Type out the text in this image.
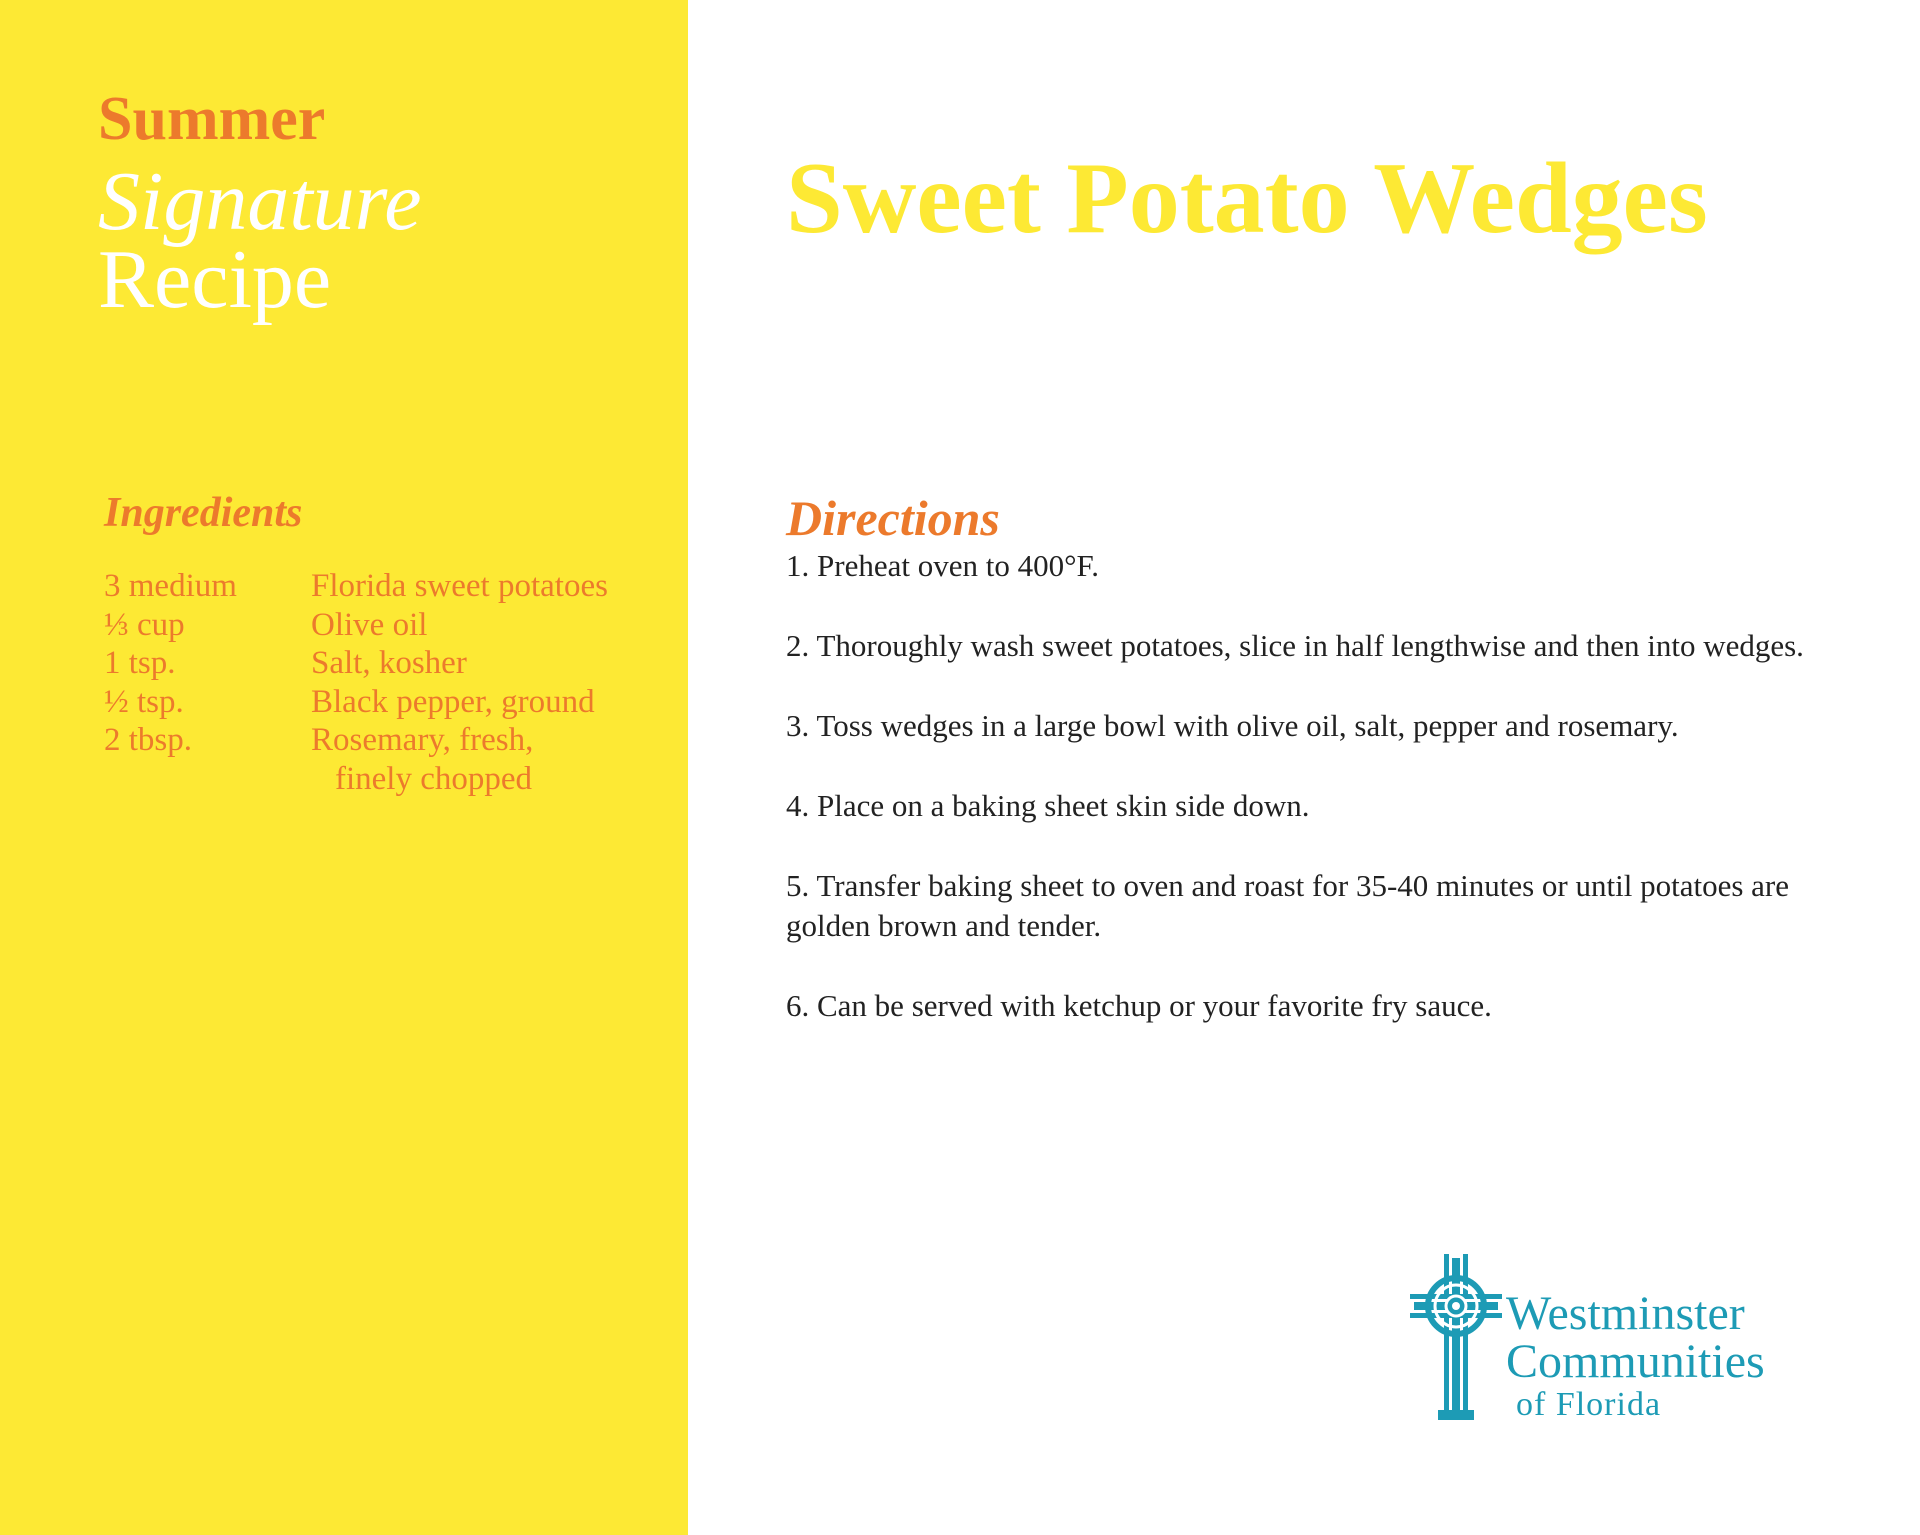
Summer
Signature
Recipe
Ingredients
3 medium	Florida sweet potatoes
⅓ cup	Olive oil
1 tsp.	Salt, kosher
½ tsp.	Black pepper, ground
2 tbsp.	Rosemary, fresh,
finely chopped
Sweet Potato Wedges
Directions

1. Preheat oven to 400°F.

2. Thoroughly wash sweet potatoes, slice in half lengthwise and then into wedges.

3. Toss wedges in a large bowl with olive oil, salt, pepper and rosemary.

4. Place on a baking sheet skin side down.

5. Transfer baking sheet to oven and roast for 35-40 minutes or until potatoes are golden brown and tender.

6. Can be served with ketchup or your favorite fry sauce.

Westminster
Communities
of Florida
